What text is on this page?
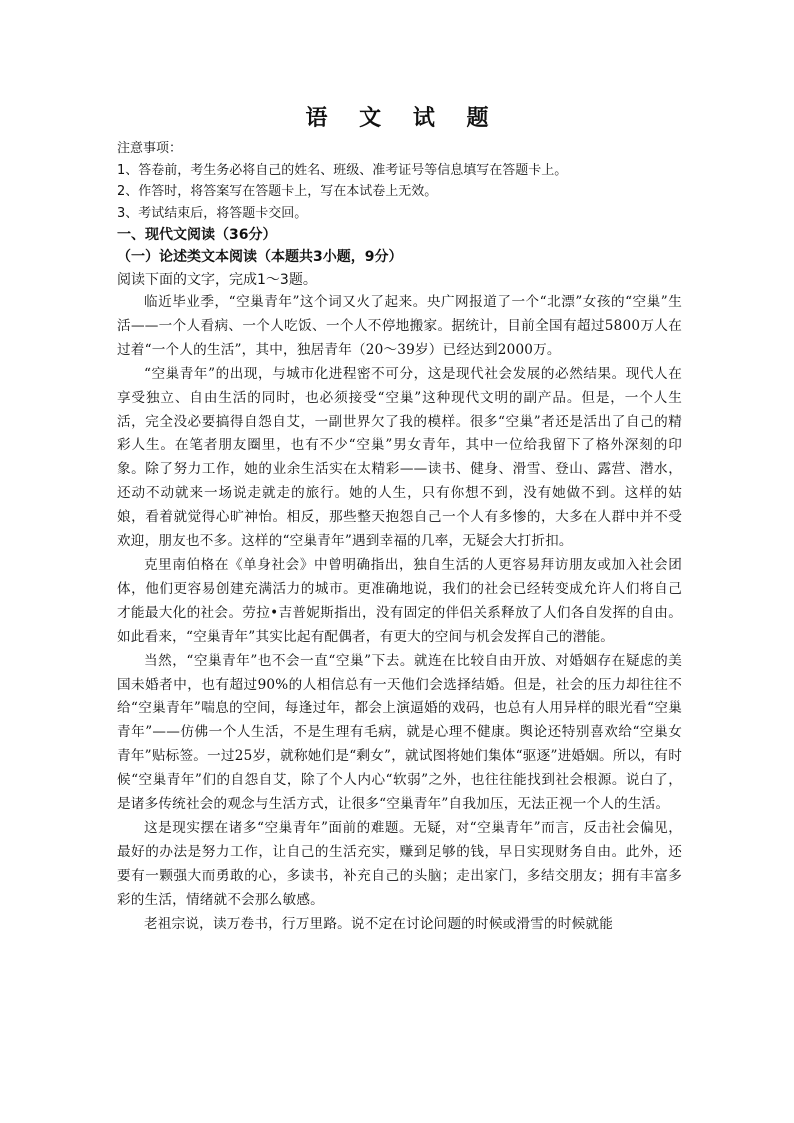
语 文 试 题
注意事项：
1、答卷前，考生务必将自己的姓名、班级、准考证号等信息填写在答题卡上。
2、作答时，将答案写在答题卡上，写在本试卷上无效。
3、考试结束后，将答题卡交回。
一、现代文阅读（36分）
（一）论述类文本阅读（本题共3小题，9分）

阅读下面的文字，完成1～3题。

临近毕业季，“空巢青年”这个词又火了起来。央广网报道了一个“北漂”女孩的“空巢”生活——一个人看病、一个人吃饭、一个人不停地搬家。据统计，目前全国有超过5800万人在过着“一个人的生活”，其中，独居青年（20～39岁）已经达到2000万。

“空巢青年”的出现，与城市化进程密不可分，这是现代社会发展的必然结果。现代人在享受独立、自由生活的同时，也必须接受“空巢”这种现代文明的副产品。但是，一个人生活，完全没必要搞得自怨自艾，一副世界欠了我的模样。很多“空巢”者还是活出了自己的精彩人生。在笔者朋友圈里，也有不少“空巢”男女青年，其中一位给我留下了格外深刻的印象。除了努力工作，她的业余生活实在太精彩——读书、健身、滑雪、登山、露营、潜水，还动不动就来一场说走就走的旅行。她的人生，只有你想不到，没有她做不到。这样的姑娘，看着就觉得心旷神怡。相反，那些整天抱怨自己一个人有多惨的，大多在人群中并不受欢迎，朋友也不多。这样的“空巢青年”遇到幸福的几率，无疑会大打折扣。

克里南伯格在《单身社会》中曾明确指出，独自生活的人更容易拜访朋友或加入社会团体，他们更容易创建充满活力的城市。更准确地说，我们的社会已经转变成允许人们将自己才能最大化的社会。劳拉•吉普妮斯指出，没有固定的伴侣关系释放了人们各自发挥的自由。如此看来，“空巢青年”其实比起有配偶者，有更大的空间与机会发挥自己的潜能。

当然，“空巢青年”也不会一直“空巢”下去。就连在比较自由开放、对婚姻存在疑虑的美国未婚者中，也有超过90%的人相信总有一天他们会选择结婚。但是，社会的压力却往往不给“空巢青年”喘息的空间，每逢过年，都会上演逼婚的戏码，也总有人用异样的眼光看“空巢青年”——仿佛一个人生活，不是生理有毛病，就是心理不健康。舆论还特别喜欢给“空巢女青年”贴标签。一过25岁，就称她们是“剩女”，就试图将她们集体“驱逐”进婚姻。所以，有时候“空巢青年”们的自怨自艾，除了个人内心“软弱”之外，也往往能找到社会根源。说白了，是诸多传统社会的观念与生活方式，让很多“空巢青年”自我加压，无法正视一个人的生活。

这是现实摆在诸多“空巢青年”面前的难题。无疑，对“空巢青年”而言，反击社会偏见，最好的办法是努力工作，让自己的生活充实，赚到足够的钱，早日实现财务自由。此外，还要有一颗强大而勇敢的心，多读书，补充自己的头脑；走出家门，多结交朋友；拥有丰富多彩的生活，情绪就不会那么敏感。

老祖宗说，读万卷书，行万里路。说不定在讨论问题的时候或滑雪的时候就能
